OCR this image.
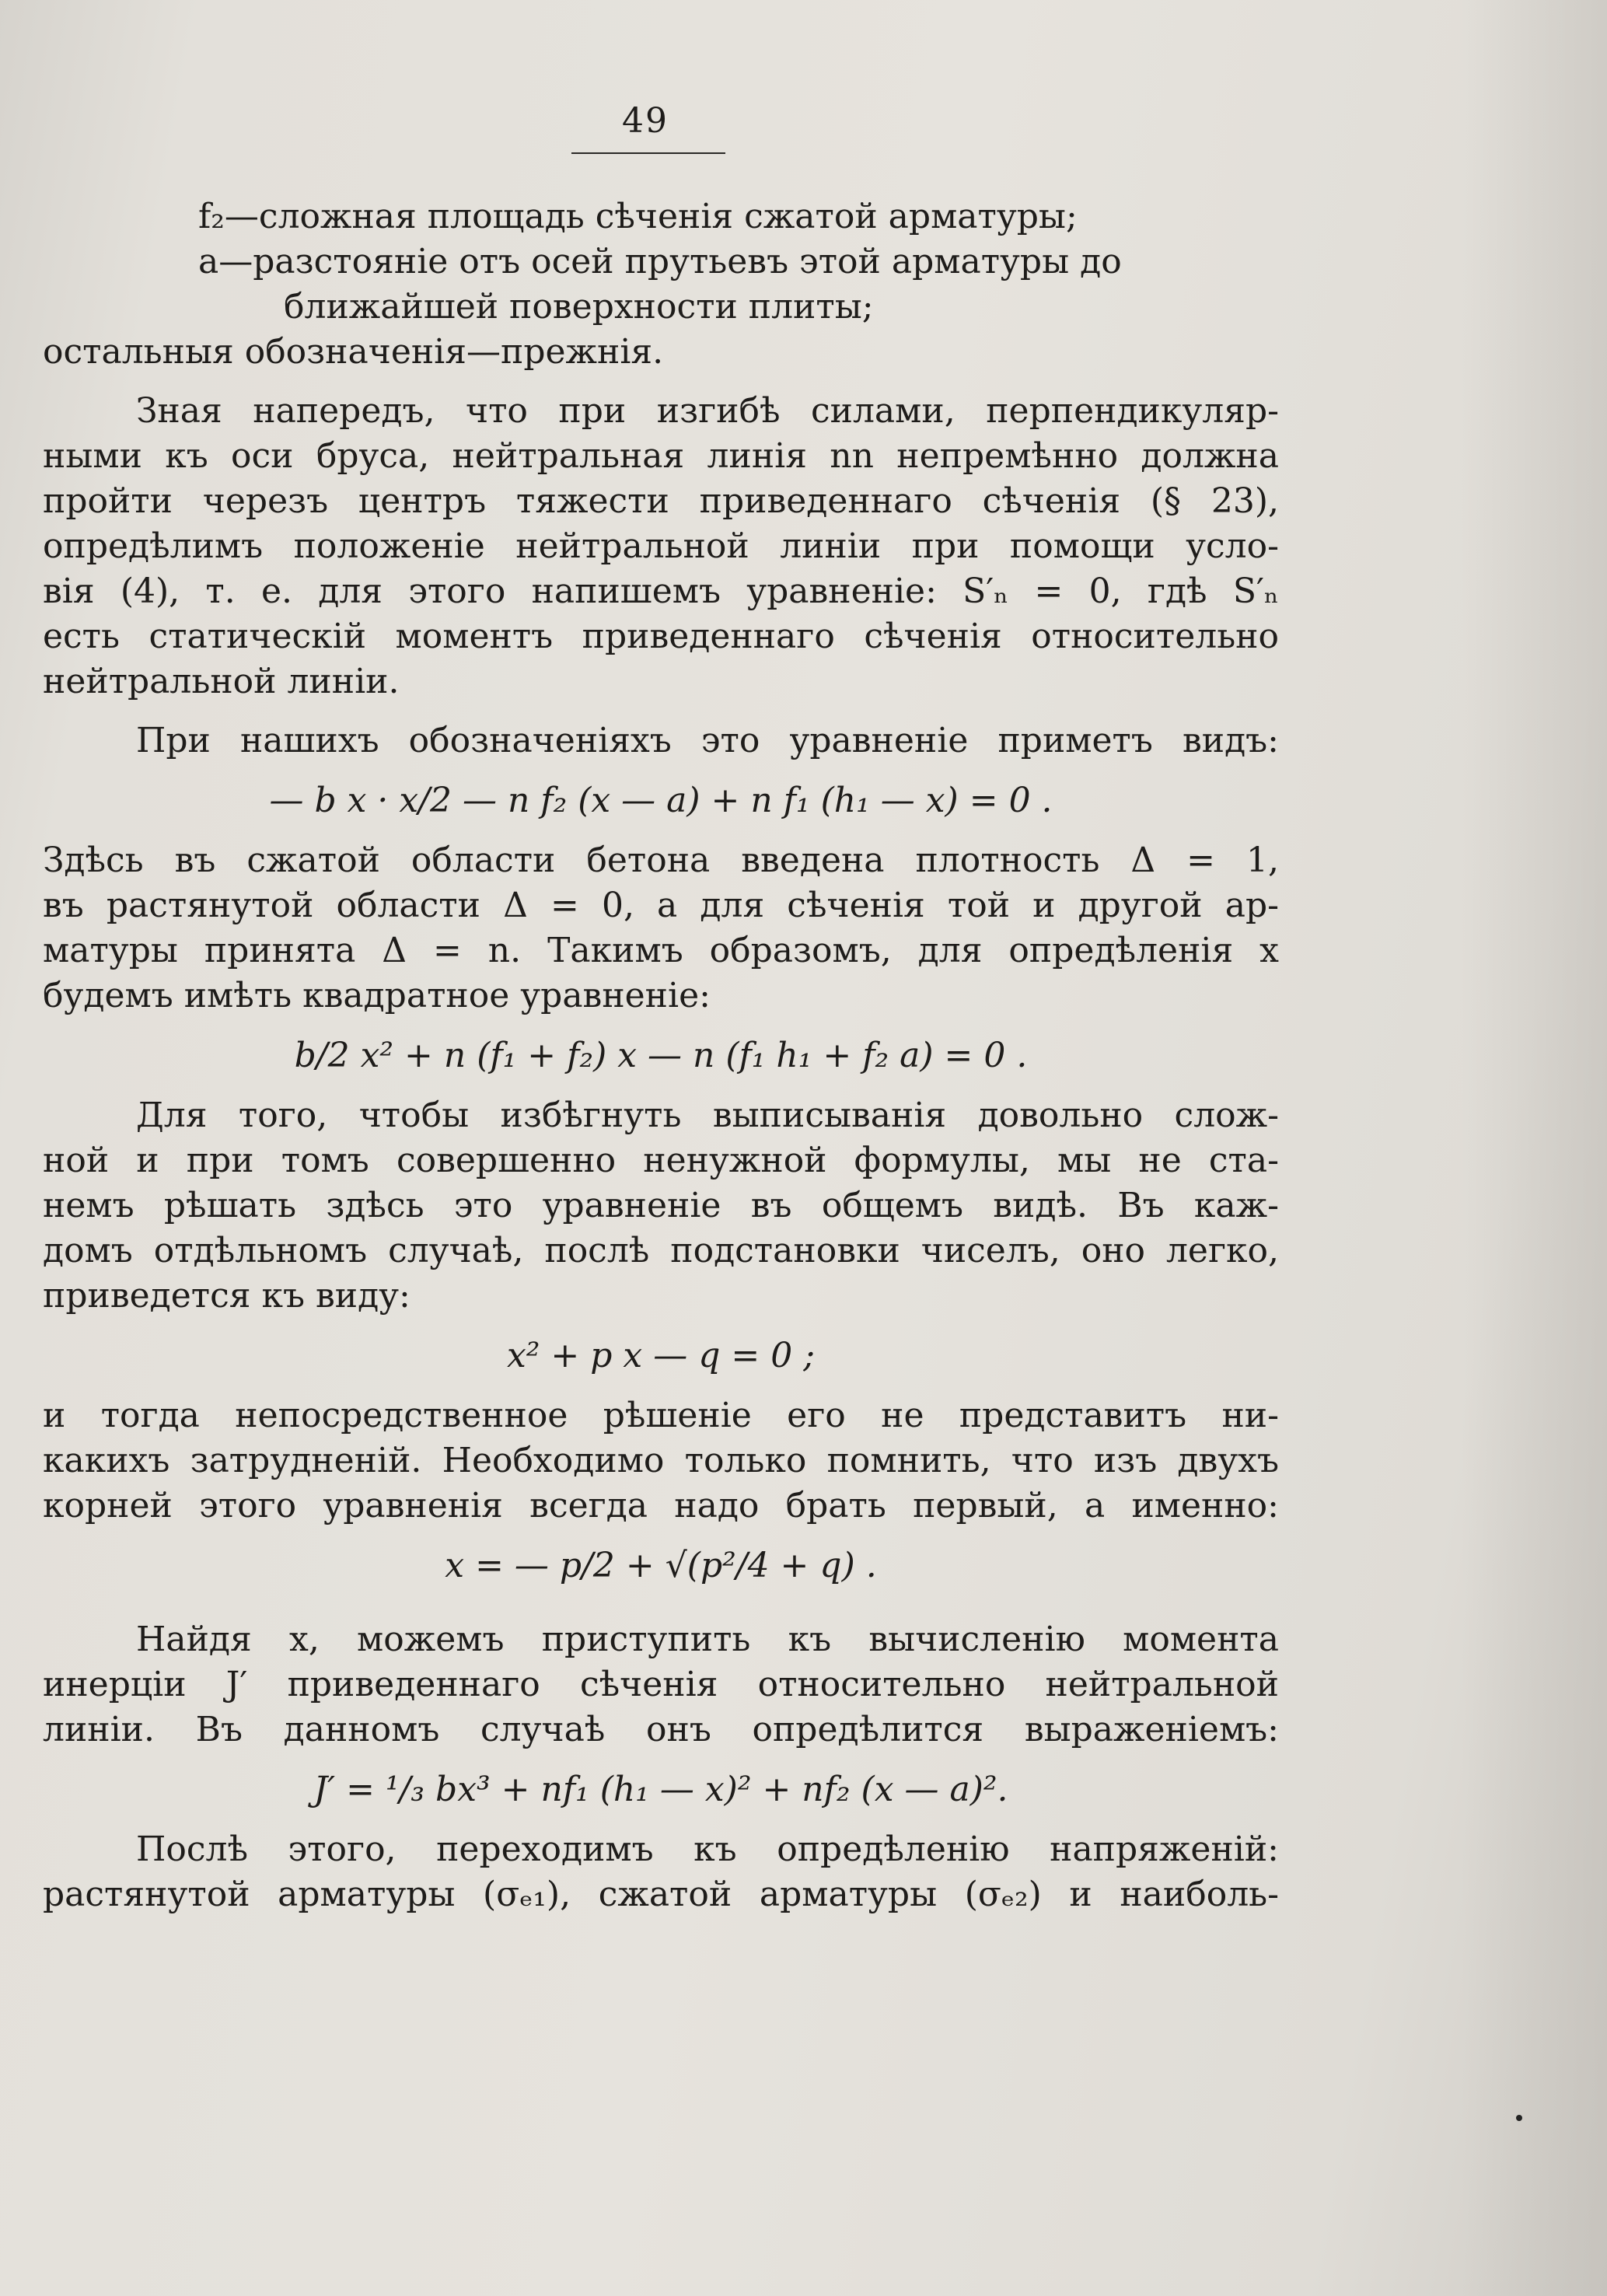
49
f₂—сложная площадь сѣченія сжатой арматуры;
a—разстояніе отъ осей прутьевъ этой арматуры до
ближайшей поверхности плиты;
остальныя обозначенія—прежнія.
Зная напередъ, что при изгибѣ силами, перпендикуляр-
ными къ оси бруса, нейтральная линія nn непремѣнно должна
пройти черезъ центръ тяжести приведеннаго сѣченія (§ 23),
опредѣлимъ положеніе нейтральной линіи при помощи усло-
вія (4), т. е. для этого напишемъ уравненіе: S′ₙ = 0, гдѣ S′ₙ
есть статическій моментъ приведеннаго сѣченія относительно
нейтральной линіи.
При нашихъ обозначеніяхъ это уравненіе приметъ видъ:
— b x · x/2 — n f₂ (x — a) + n f₁ (h₁ — x) = 0 .
Здѣсь въ сжатой области бетона введена плотность Δ = 1,
въ растянутой области Δ = 0, а для сѣченія той и другой ар-
матуры принята Δ = n. Такимъ образомъ, для опредѣленія x
будемъ имѣть квадратное уравненіе:
b/2 x² + n (f₁ + f₂) x — n (f₁ h₁ + f₂ a) = 0 .
Для того, чтобы избѣгнуть выписыванія довольно слож-
ной и при томъ совершенно ненужной формулы, мы не ста-
немъ рѣшать здѣсь это уравненіе въ общемъ видѣ. Въ каж-
домъ отдѣльномъ случаѣ, послѣ подстановки чиселъ, оно легко,
приведется къ виду:
x² + p x — q = 0 ;
и тогда непосредственное рѣшеніе его не представитъ ни-
какихъ затрудненій. Необходимо только помнить, что изъ двухъ
корней этого уравненія всегда надо брать первый, а именно:
x = — p/2 + √(p²/4 + q) .
Найдя x, можемъ приступить къ вычисленію момента
инерціи J′ приведеннаго сѣченія относительно нейтральной
линіи. Въ данномъ случаѣ онъ опредѣлится выраженіемъ:
J′ = ¹/₃ bx³ + nf₁ (h₁ — x)² + nf₂ (x — a)².
Послѣ этого, переходимъ къ опредѣленію напряженій:
растянутой арматуры (σₑ₁), сжатой арматуры (σₑ₂) и наиболь-
